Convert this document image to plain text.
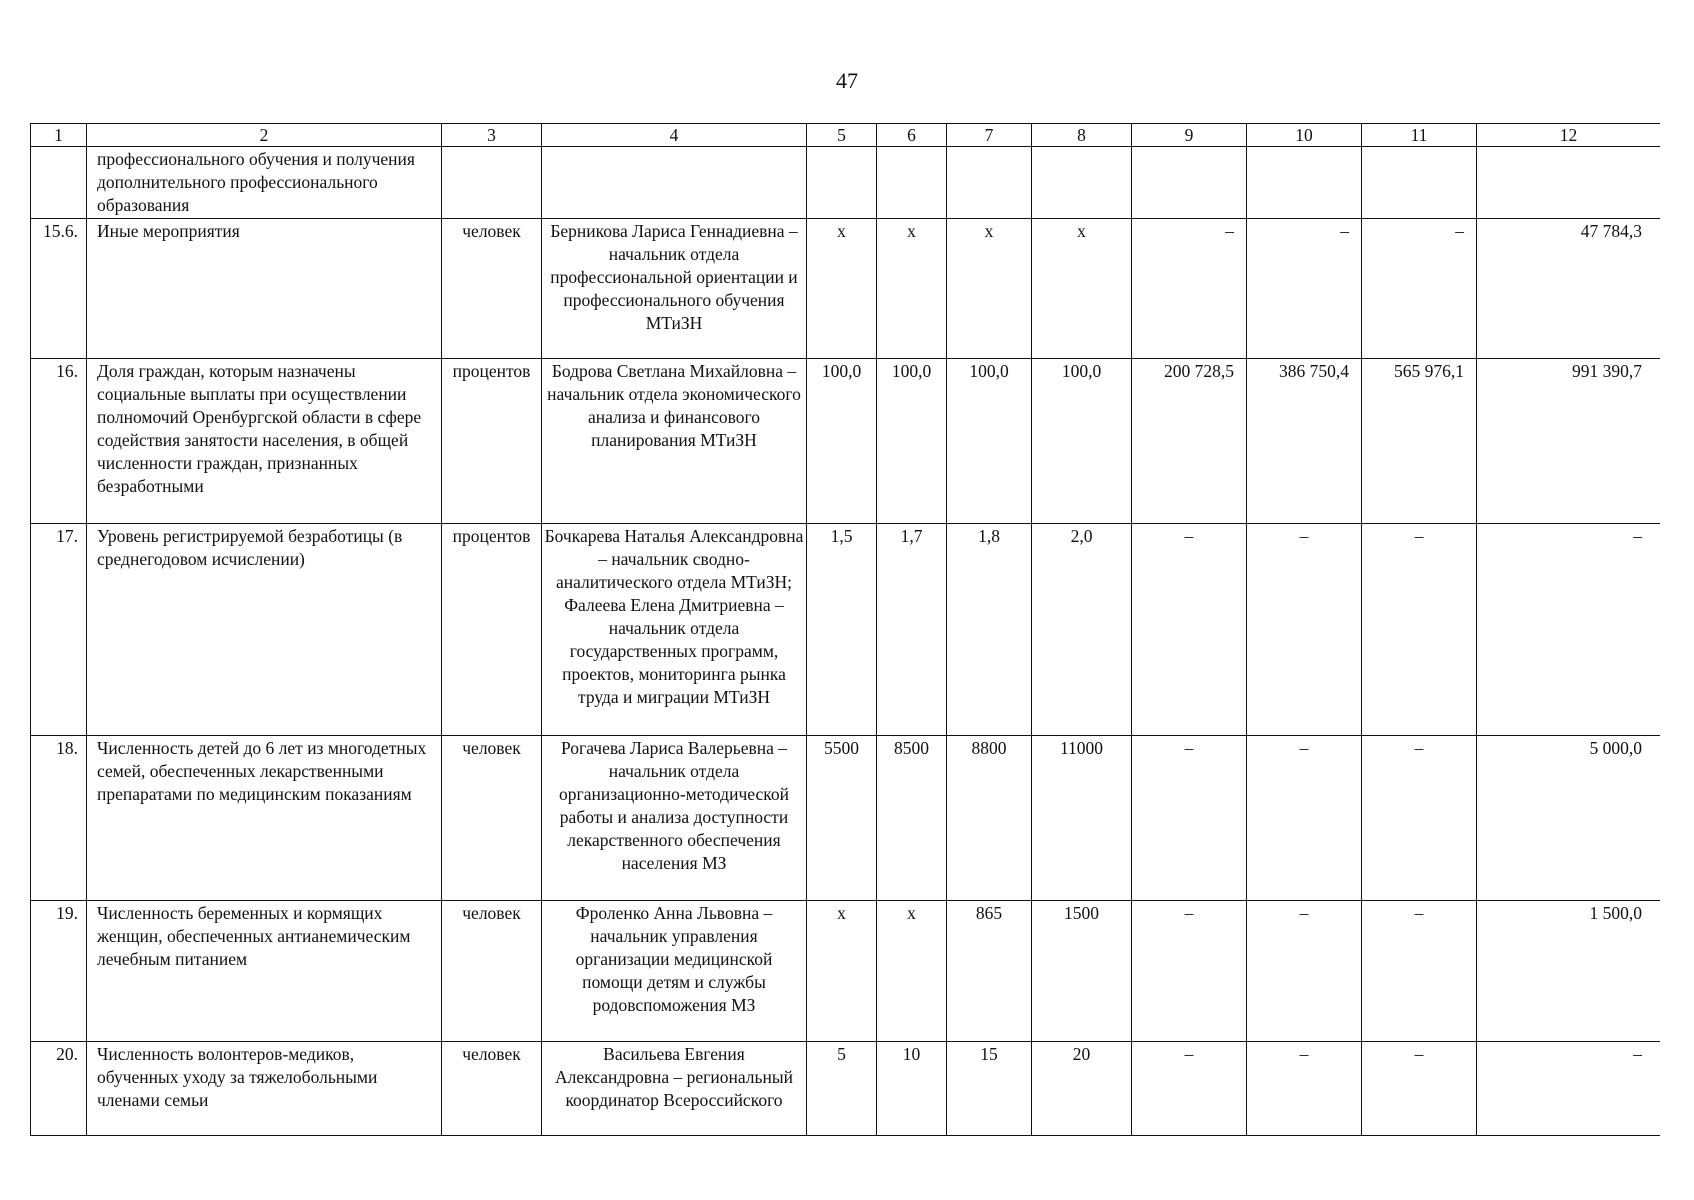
47
1	2	3	4	5	6	7	8	9	10	11	12
	профессионального обучения и получения дополнительного профессионального образования										
15.6.	Иные мероприятия	человек	Берникова Лариса Геннадиевна – начальник отдела профессиональной ориентации и профессионального обучения МТиЗН	х	х	х	х	–	–	–	47 784,3
16.	Доля граждан, которым назначены социальные выплаты при осуществлении полномочий Оренбургской области в сфере содействия занятости населения, в общей численности граждан, признанных безработными	процентов	Бодрова Светлана Михайловна – начальник отдела экономического анализа и финансового планирования МТиЗН	100,0	100,0	100,0	100,0	200 728,5	386 750,4	565 976,1	991 390,7
17.	Уровень регистрируемой безработицы (в среднегодовом исчислении)	процентов	Бочкарева Наталья Александровна – начальник сводно-аналитического отдела МТиЗН; Фалеева Елена Дмитриевна – начальник отдела государственных программ, проектов, мониторинга рынка труда и миграции МТиЗН	1,5	1,7	1,8	2,0	–	–	–	–
18.	Численность детей до 6 лет из многодетных семей, обеспеченных лекарственными препаратами по медицинским показаниям	человек	Рогачева Лариса Валерьевна – начальник отдела организационно-методической работы и анализа доступности лекарственного обеспечения населения МЗ	5500	8500	8800	11000	–	–	–	5 000,0
19.	Численность беременных и кормящих женщин, обеспеченных антианемическим лечебным питанием	человек	Фроленко Анна Львовна – начальник управления организации медицинской помощи детям и службы родовспоможения МЗ	х	х	865	1500	–	–	–	1 500,0
20.	Численность волонтеров-медиков, обученных уходу за тяжелобольными членами семьи	человек	Васильева Евгения Александровна – региональный координатор Всероссийского	5	10	15	20	–	–	–	–
